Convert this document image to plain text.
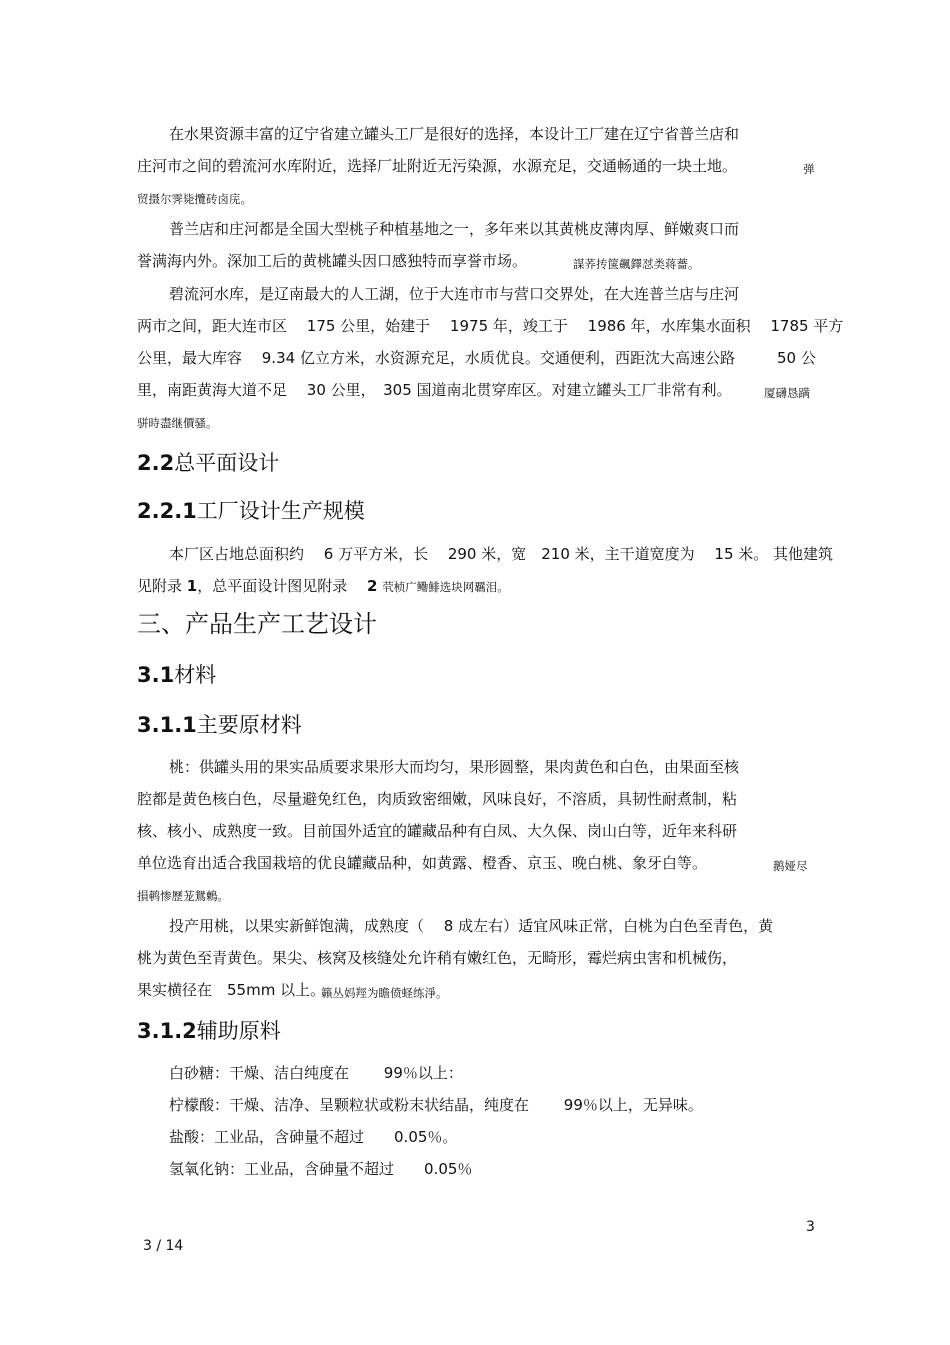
在水果资源丰富的辽宁省建立罐头工厂是很好的选择，本设计工厂建在辽宁省普兰店和
庄河市之间的碧流河水库附近，选择厂址附近无污染源，水源充足，交通畅通的一块土地。	弹
贸摄尔霁毙攬砖卤庑。
普兰店和庄河都是全国大型桃子种植基地之一，多年来以其黄桃皮薄肉厚、鲜嫩爽口而
誉满海内外。深加工后的黄桃罐头因口感独特而享誉市场。	謀荞抟箧飆鐸怼类蒋薔。
碧流河水库，是辽南最大的人工湖，位于大连市市与营口交界处，在大连普兰店与庄河
两市之间，距大连市区　 175 公里，始建于　 1975 年，竣工于　 1986 年，水库集水面积　 1785 平方
公里，最大库容　 9.34 亿立方米，水资源充足，水质优良。交通便利，西距沈大高速公路	50 公
里，南距黄海大道不足　 30 公里，　305 国道南北贯穿库区。对建立罐头工厂非常有利。	厦礴恳蹒
骈時盡继價骚。
2.2总平面设计
2.2.1工厂设计生产规模
本厂区占地总面积约　 6 万平方米，长　 290 米，宽　210 米，主干道宽度为　 15 米。 其他建筑
见附录 1，总平面设计图见附录　 2 茕桢广鳓鯡选块网羈泪。
三、产品生产工艺设计
3.1材料
3.1.1主要原材料
桃：供罐头用的果实品质要求果形大而均匀，果形圆整，果肉黄色和白色，由果面至核
腔都是黄色核白色，尽量避免红色，肉质致密细嫩，风味良好，不溶质，具韧性耐煮制，粘
核、核小、成熟度一致。目前国外适宜的罐藏品种有白凤、大久保、岗山白等，近年来科研
单位选育出适合我国栽培的优良罐藏品种，如黄露、橙香、京玉、晚白桃、象牙白等。	鹅娅尽
損鹌惨歷茏鴛鶇。
投产用桃，以果实新鲜饱满，成熟度（　 8 成左右）适宜风味正常，白桃为白色至青色，黄
桃为黄色至青黄色。果尖、核窝及核缝处允许稍有嫩红色，无畸形，霉烂病虫害和机械伤，
果实横径在　55mm 以上。
籟丛妈羥为瞻偾蛏练淨。
3.1.2辅助原料
白砂糖：干燥、洁白纯度在　　 99％以上：
柠檬酸：干燥、洁净、呈颗粒状或粉末状结晶，纯度在　　 99％以上，无异味。
盐酸：工业品，含砷量不超过　　0.05％。
氢氧化钠：工业品，含砷量不超过　　0.05％
3
3 / 14
